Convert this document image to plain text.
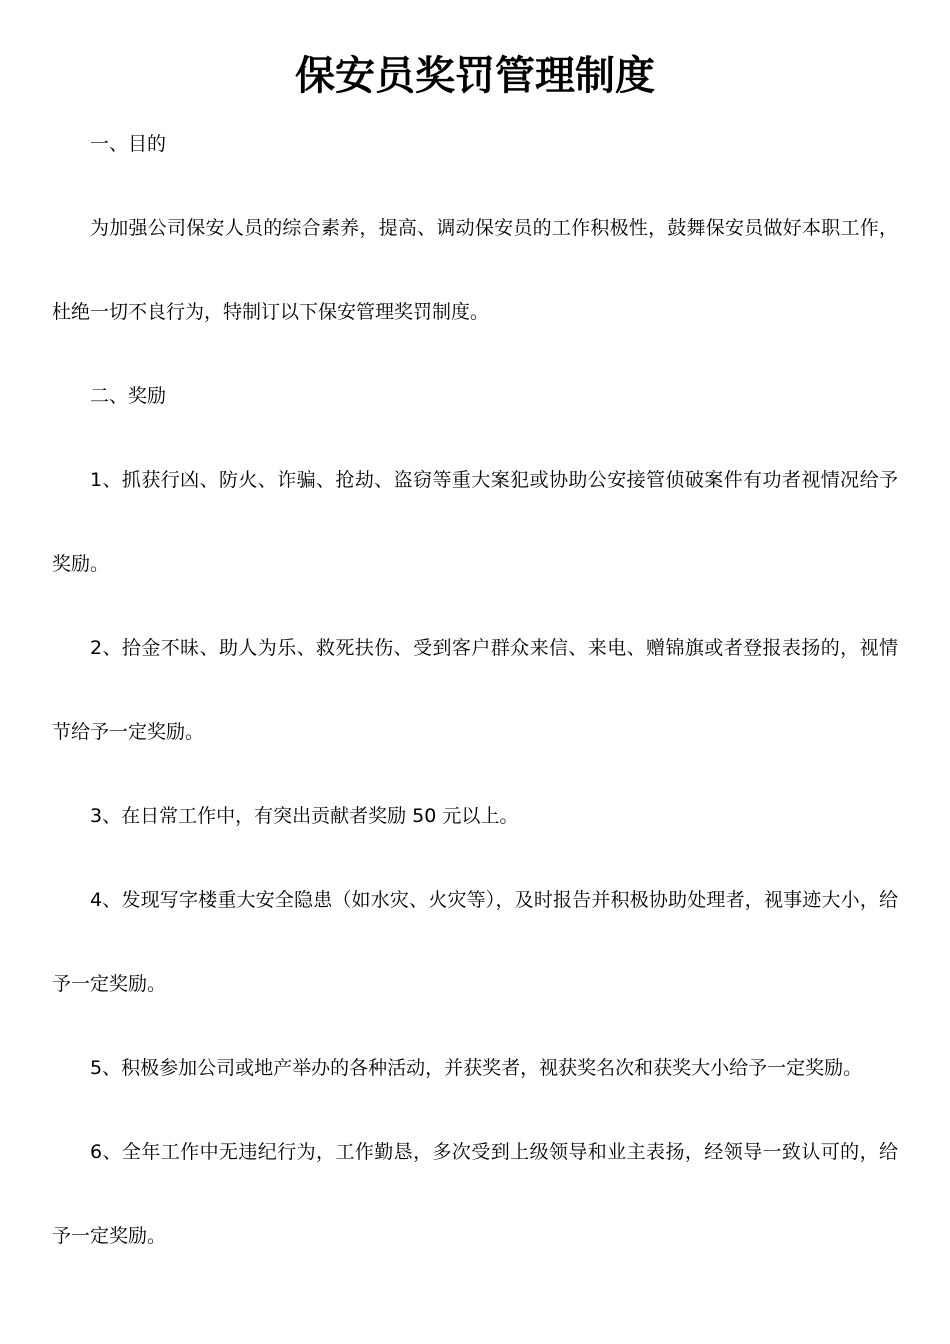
保安员奖罚管理制度

一、目的

为加强公司保安人员的综合素养，提高、调动保安员的工作积极性，鼓舞保安员做好本职工作，杜绝一切不良行为，特制订以下保安管理奖罚制度。

二、奖励

1、抓获行凶、防火、诈骗、抢劫、盗窃等重大案犯或协助公安接管侦破案件有功者视情况给予奖励。

2、拾金不昧、助人为乐、救死扶伤、受到客户群众来信、来电、赠锦旗或者登报表扬的，视情节给予一定奖励。

3、在日常工作中，有突出贡献者奖励 50 元以上。

4、发现写字楼重大安全隐患（如水灾、火灾等），及时报告并积极协助处理者，视事迹大小，给予一定奖励。

5、积极参加公司或地产举办的各种活动，并获奖者，视获奖名次和获奖大小给予一定奖励。

6、全年工作中无违纪行为，工作勤恳，多次受到上级领导和业主表扬，经领导一致认可的，给予一定奖励。
